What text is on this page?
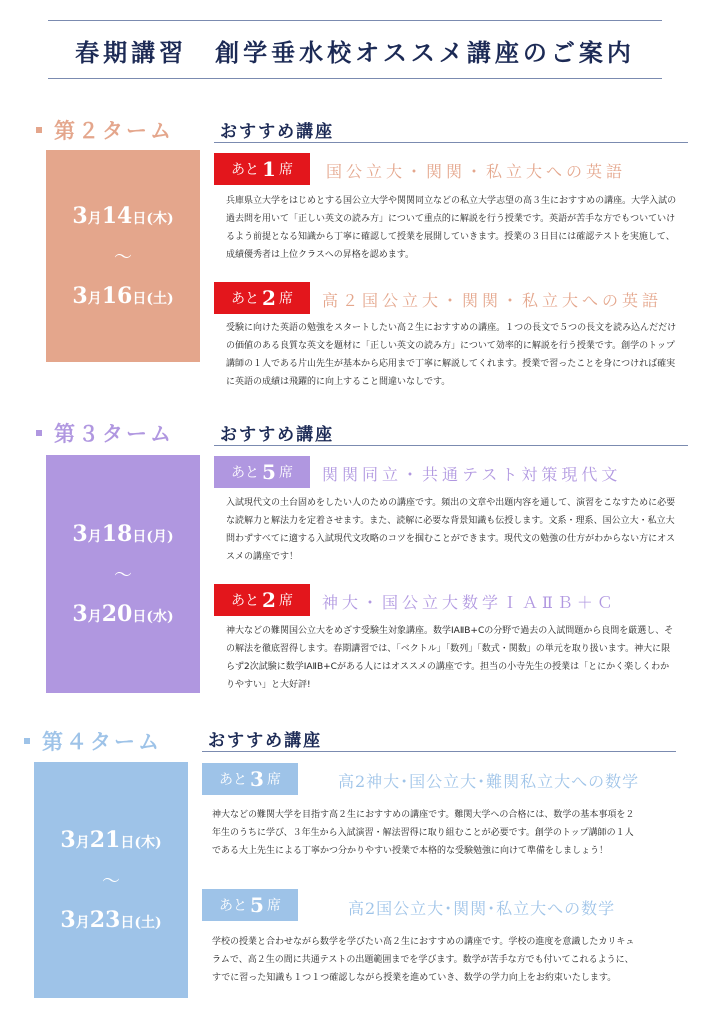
春期講習　創学垂水校オススメ講座のご案内
第２ターム	おすすめ講座
3月14日(木)
～
3月16日(土)
あと 1 席 国公立大・関関・私立大への英語
兵庫県立大学をはじめとする国公立大学や関関同立などの私立大学志望の高３生におすすめの講座。大学入試の過去問を用いて「正しい英文の読み方」について重点的に解説を行う授業です。英語が苦手な方でもついていけるよう前提となる知識から丁寧に確認して授業を展開していきます。授業の３日目には確認テストを実施して、成績優秀者は上位クラスへの昇格を認めます。
あと 2 席 高２国公立大・関関・私立大への英語
受験に向けた英語の勉強をスタートしたい高２生におすすめの講座。１つの長文で５つの長文を読み込んだだけの価値のある良質な英文を題材に「正しい英文の読み方」について効率的に解説を行う授業です。創学のトップ講師の１人である片山先生が基本から応用まで丁寧に解説してくれます。授業で習ったことを身につければ確実に英語の成績は飛躍的に向上すること間違いなしです。
第３ターム	おすすめ講座
3月18日(月)
～
3月20日(水)
あと 5 席 関関同立・共通テスト対策現代文
入試現代文の土台固めをしたい人のための講座です。頻出の文章や出題内容を通して、演習をこなすために必要な読解力と解法力を定着させます。また、読解に必要な背景知識も伝授します。文系・理系、国公立大・私立大問わずすべてに適する入試現代文攻略のコツを掴むことができます。現代文の勉強の仕方がわからない方にオススメの講座です！
あと 2 席 神大・国公立大数学ＩＡⅡＢ＋Ｃ
神大などの難関国公立大をめざす受験生対象講座。数学ⅠAⅡB+Cの分野で過去の入試問題から良問を厳選し、その解法を徹底習得します。春期講習では、「ベクトル」「数列」「数式・関数」の単元を取り扱います。神大に限らず2次試験に数学ⅠAⅡB+Cがある人にはオススメの講座です。担当の小寺先生の授業は「とにかく楽しくわかりやすい」と大好評!
第４ターム	おすすめ講座
3月21日(木)
～
3月23日(土)
あと 3 席	高2神大･国公立大･難関私立大への数学
神大などの難関大学を目指す高２生におすすめの講座です。難関大学への合格には、数学の基本事項を２年生のうちに学び、３年生から入試演習・解法習得に取り組むことが必要です。創学のトップ講師の１人である大上先生による丁寧かつ分かりやすい授業で本格的な受験勉強に向けて準備をしましょう！
あと 5 席	高2国公立大･関関･私立大への数学
学校の授業と合わせながら数学を学びたい高２生におすすめの講座です。学校の進度を意識したカリキュラムで、高２生の間に共通テストの出題範囲までを学びます。数学が苦手な方でも付いてこれるように、すでに習った知識も１つ１つ確認しながら授業を進めていき、数学の学力向上をお約束いたします。
